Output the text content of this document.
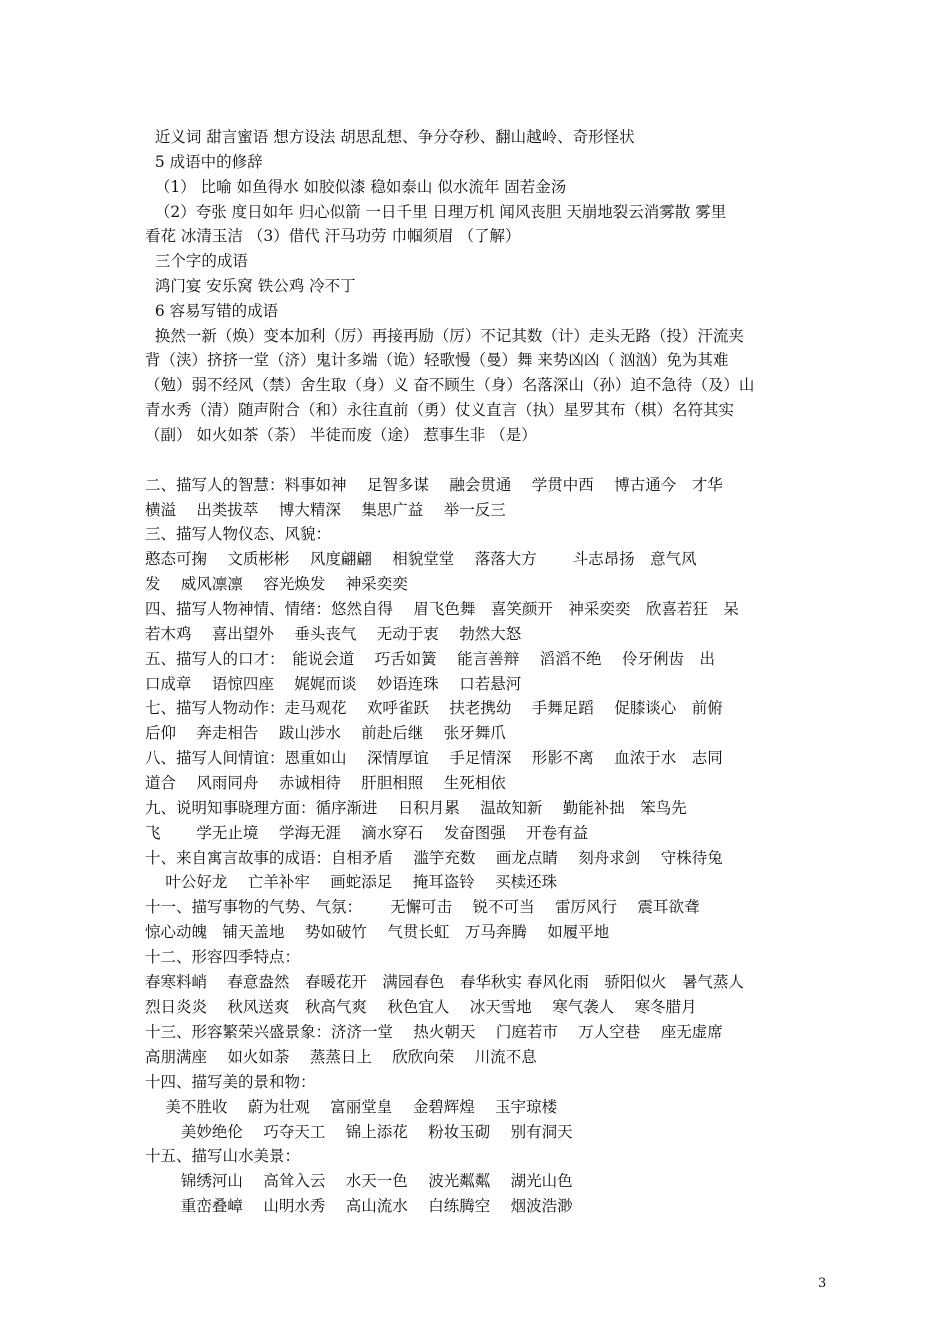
近义词 甜言蜜语 想方设法 胡思乱想、争分夺秒、翻山越岭、奇形怪状
5 成语中的修辞
（1） 比喻 如鱼得水 如胶似漆 稳如泰山 似水流年 固若金汤
（2）夸张 度日如年 归心似箭 一日千里 日理万机 闻风丧胆 天崩地裂云消雾散 雾里
看花 冰清玉洁 （3）借代 汗马功劳 巾帼须眉 （了解）
三个字的成语
鸿门宴 安乐窝 铁公鸡 冷不丁
6 容易写错的成语
换然一新（焕）变本加利（厉）再接再励（厉）不记其数（计）走头无路（投）汗流夹
背（浃）挤挤一堂（济）鬼计多端（诡）轻歌慢（曼）舞 来势凶凶（ 汹汹）免为其难
（勉）弱不经风（禁）舍生取（身）义 奋不顾生（身）名落深山（孙）迫不急待（及）山
青水秀（清）随声附合（和）永往直前（勇）仗义直言（执）星罗其布（棋）名符其实
（副） 如火如茶（荼） 半徒而废（途） 惹事生非 （是）
二、描写人的智慧：料事如神　 足智多谋　 融会贯通　 学贯中西　 博古通今　才华
横溢　 出类拔萃　 博大精深　 集思广益　 举一反三
三、描写人物仪态、风貌：
憨态可掬　 文质彬彬　 风度翩翩　 相貌堂堂　 落落大方　　 斗志昂扬　意气风
发　 威风凛凛　 容光焕发　 神采奕奕
四、描写人物神情、情绪：悠然自得　 眉飞色舞　喜笑颜开　神采奕奕　欣喜若狂　呆
若木鸡　 喜出望外　 垂头丧气　 无动于衷　 勃然大怒
五、描写人的口才：　能说会道　 巧舌如簧　 能言善辩　 滔滔不绝　 伶牙俐齿　出
口成章　 语惊四座　 娓娓而谈　 妙语连珠　 口若悬河
七、描写人物动作：走马观花　 欢呼雀跃　 扶老携幼　 手舞足蹈　 促膝谈心　前俯
后仰　 奔走相告　 跋山涉水　 前赴后继　 张牙舞爪
八、描写人间情谊：恩重如山　 深情厚谊　 手足情深　 形影不离　 血浓于水　志同
道合　 风雨同舟　 赤诚相待　 肝胆相照　 生死相依
九、说明知事晓理方面：循序渐进　 日积月累　 温故知新　 勤能补拙　笨鸟先
飞　　 学无止境　 学海无涯　 滴水穿石　 发奋图强　 开卷有益
十、来自寓言故事的成语：自相矛盾　 滥竽充数　 画龙点睛　 刻舟求剑　 守株待兔
　 叶公好龙　 亡羊补牢　 画蛇添足　 掩耳盗铃　 买椟还珠
十一、描写事物的气势、气氛：　　 无懈可击　 锐不可当　 雷厉风行　 震耳欲聋
惊心动魄　铺天盖地　 势如破竹　 气贯长虹　万马奔腾　 如履平地
十二、形容四季特点：
春寒料峭　 春意盎然　春暖花开　满园春色　春华秋实 春风化雨　骄阳似火　暑气蒸人
烈日炎炎　 秋风送爽　秋高气爽　 秋色宜人　 冰天雪地　 寒气袭人　 寒冬腊月
十三、形容繁荣兴盛景象：济济一堂　 热火朝天　 门庭若市　 万人空巷　 座无虚席
高朋满座　 如火如荼　 蒸蒸日上　 欣欣向荣　 川流不息
十四、描写美的景和物：
　 美不胜收　 蔚为壮观　 富丽堂皇　 金碧辉煌　 玉宇琼楼
　　 美妙绝伦　 巧夺天工　 锦上添花　 粉妆玉砌　 别有洞天
十五、描写山水美景：
　　 锦绣河山　 高耸入云　 水天一色　 波光粼粼　 湖光山色
　　 重峦叠嶂　 山明水秀　 高山流水　 白练腾空　 烟波浩渺
3
